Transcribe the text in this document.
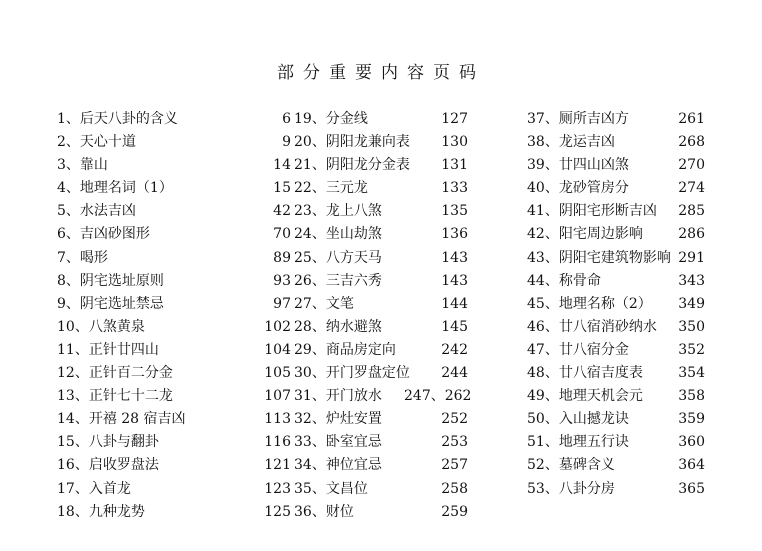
部分重要内容页码
1、后天八卦的含义	6
2、天心十道	9
3、靠山	14
4、地理名词（1）	15
5、水法吉凶	42
6、吉凶砂图形	70
7、喝形	89
8、阴宅选址原则	93
9、阴宅选址禁忌	97
10、八煞黄泉	102
11、正针廿四山	104
12、正针百二分金	105
13、正针七十二龙	107
14、开禧 28 宿吉凶	113
15、八卦与翻卦	116
16、启收罗盘法	121
17、入首龙	123
18、九种龙势	125
19、分金线	127
20、阴阳龙兼向表	130
21、阴阳龙分金表	131
22、三元龙	133
23、龙上八煞	135
24、坐山劫煞	136
25、八方天马	143
26、三吉六秀	143
27、文笔	144
28、纳水避煞	145
29、商品房定向	242
30、开门罗盘定位	244
31、开门放水 247、262
32、炉灶安置	252
33、卧室宜忌	253
34、神位宜忌	257
35、文昌位	258
36、财位	259
37、厕所吉凶方	261
38、龙运吉凶	268
39、廿四山凶煞	270
40、龙砂管房分	274
41、阴阳宅形断吉凶 285
42、阳宅周边影响	286
43、阴阳宅建筑物影响 291
44、称骨命	343
45、地理名称（2） 349
46、廿八宿消砂纳水 350
47、廿八宿分金	352
48、廿八宿吉度表	354
49、地理天机会元	358
50、入山撼龙诀	359
51、地理五行诀	360
52、墓碑含义	364
53、八卦分房	365
